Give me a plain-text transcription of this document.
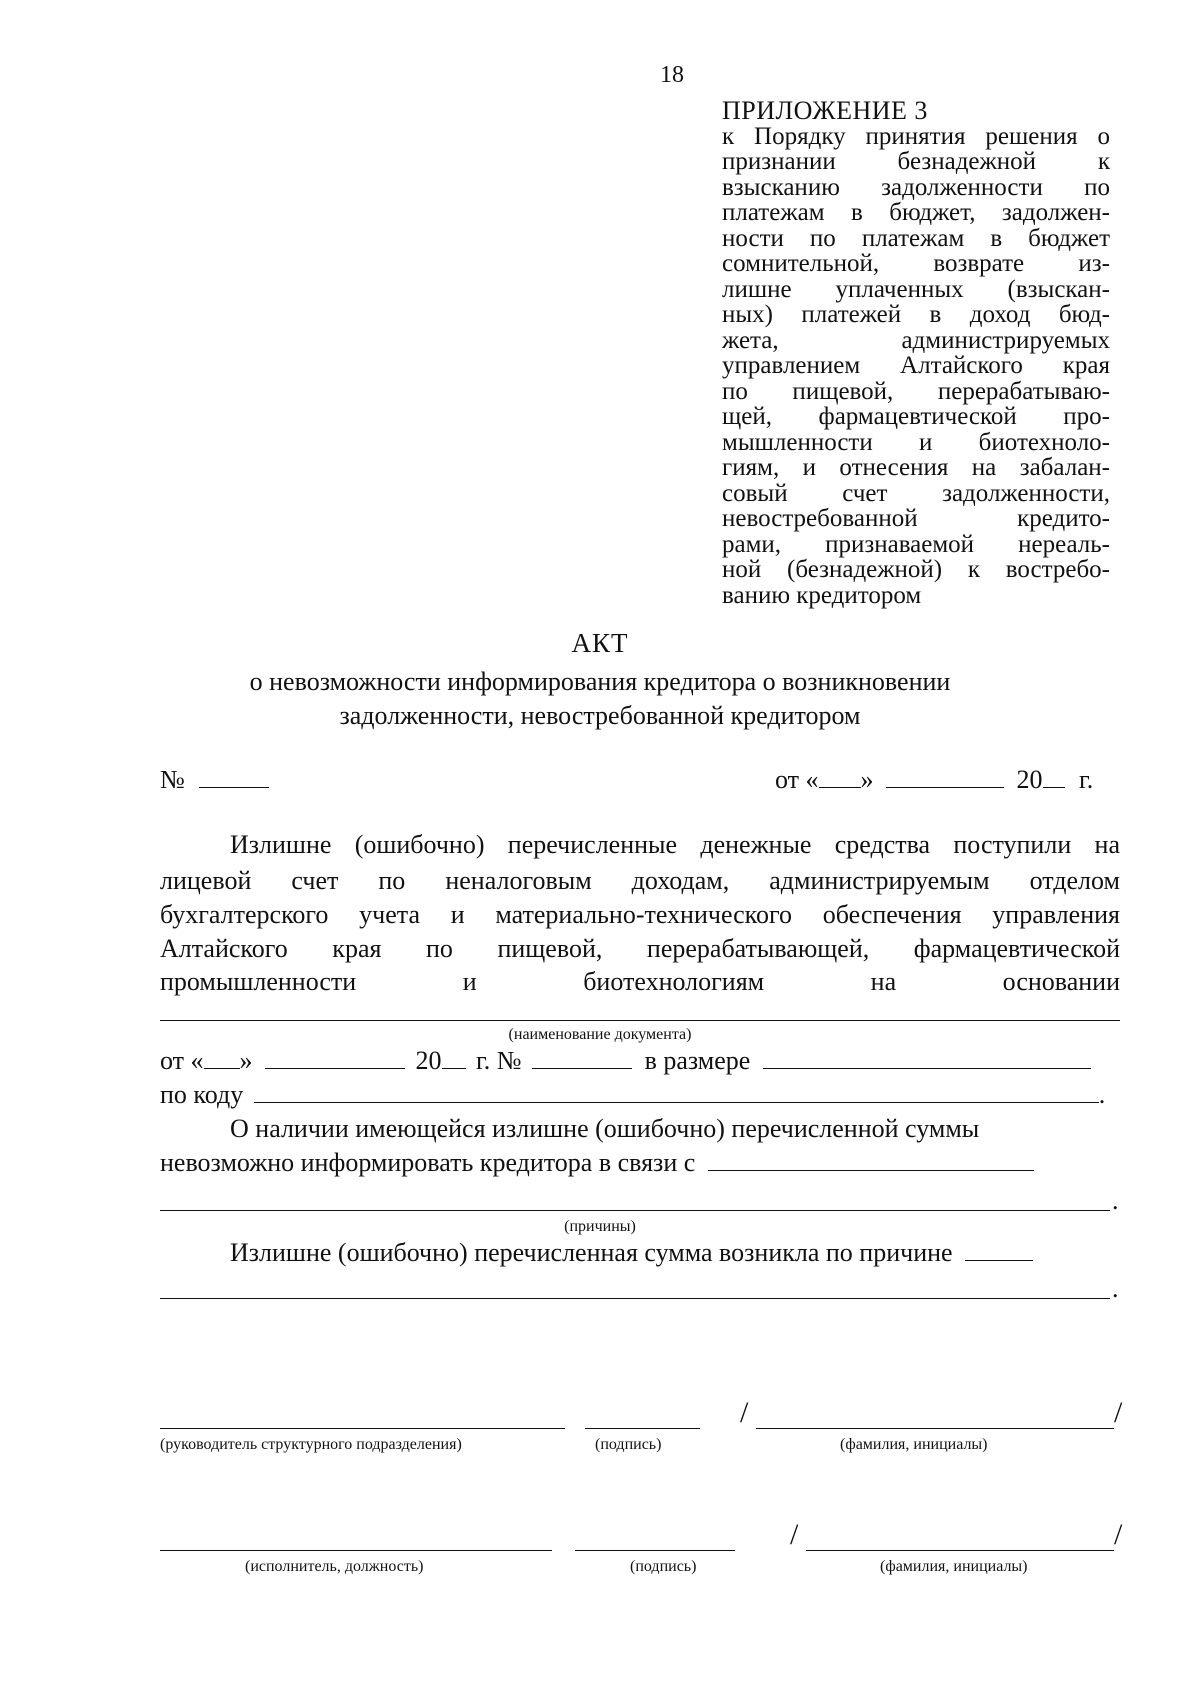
18
ПРИЛОЖЕНИЕ 3
к Порядку принятия решения о
признании безнадежной к
взысканию задолженности по
платежам в бюджет, задолжен-
ности по платежам в бюджет
сомнительной, возврате из-
лишне уплаченных (взыскан-
ных) платежей в доход бюд-
жета, администрируемых
управлением Алтайского края
по пищевой, перерабатываю-
щей, фармацевтической про-
мышленности и биотехноло-
гиям, и отнесения на забалан-
совый счет задолженности,
невостребованной кредито-
рами, признаваемой нереаль-
ной (безнадежной) к востребо-
ванию кредитором
АКТ
о невозможности информирования кредитора о возникновении
задолженности, невостребованной кредитором
№	от « »	20 г.
Излишне (ошибочно) перечисленные денежные средства поступили на
лицевой счет по неналоговым доходам, администрируемым отделом
бухгалтерского учета и материально-технического обеспечения управления
Алтайского края по пищевой, перерабатывающей, фармацевтической
промышленности и биотехнологиям на основании
(наименование документа)
от « »	20 г. №	в размере
по коду	.
О наличии имеющейся излишне (ошибочно) перечисленной суммы
невозможно информировать кредитора в связи с
.
(причины)
Излишне (ошибочно) перечисленная сумма возникла по причине
.
/	/
(руководитель структурного подразделения)	(подпись)	(фамилия, инициалы)
/	/
(исполнитель, должность)	(подпись)	(фамилия, инициалы)
